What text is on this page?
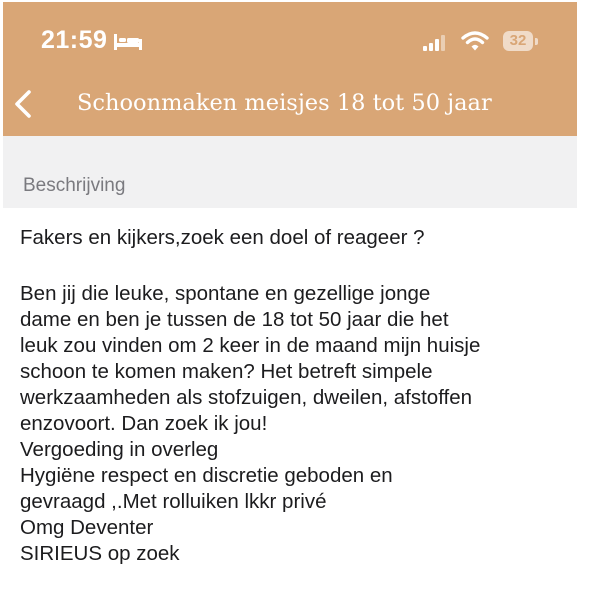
21:59	32
Schoonmaken meisjes 18 tot 50 jaar
Beschrijving
Fakers en kijkers,zoek een doel of reageer ?
Ben jij die leuke, spontane en gezellige jonge
dame en ben je tussen de 18 tot 50 jaar die het
leuk zou vinden om 2 keer in de maand mijn huisje
schoon te komen maken? Het betreft simpele
werkzaamheden als stofzuigen, dweilen, afstoffen
enzovoort. Dan zoek ik jou!
Vergoeding in overleg
Hygiëne respect en discretie geboden en
gevraagd ,.Met rolluiken lkkr privé
Omg Deventer
SIRIEUS op zoek
